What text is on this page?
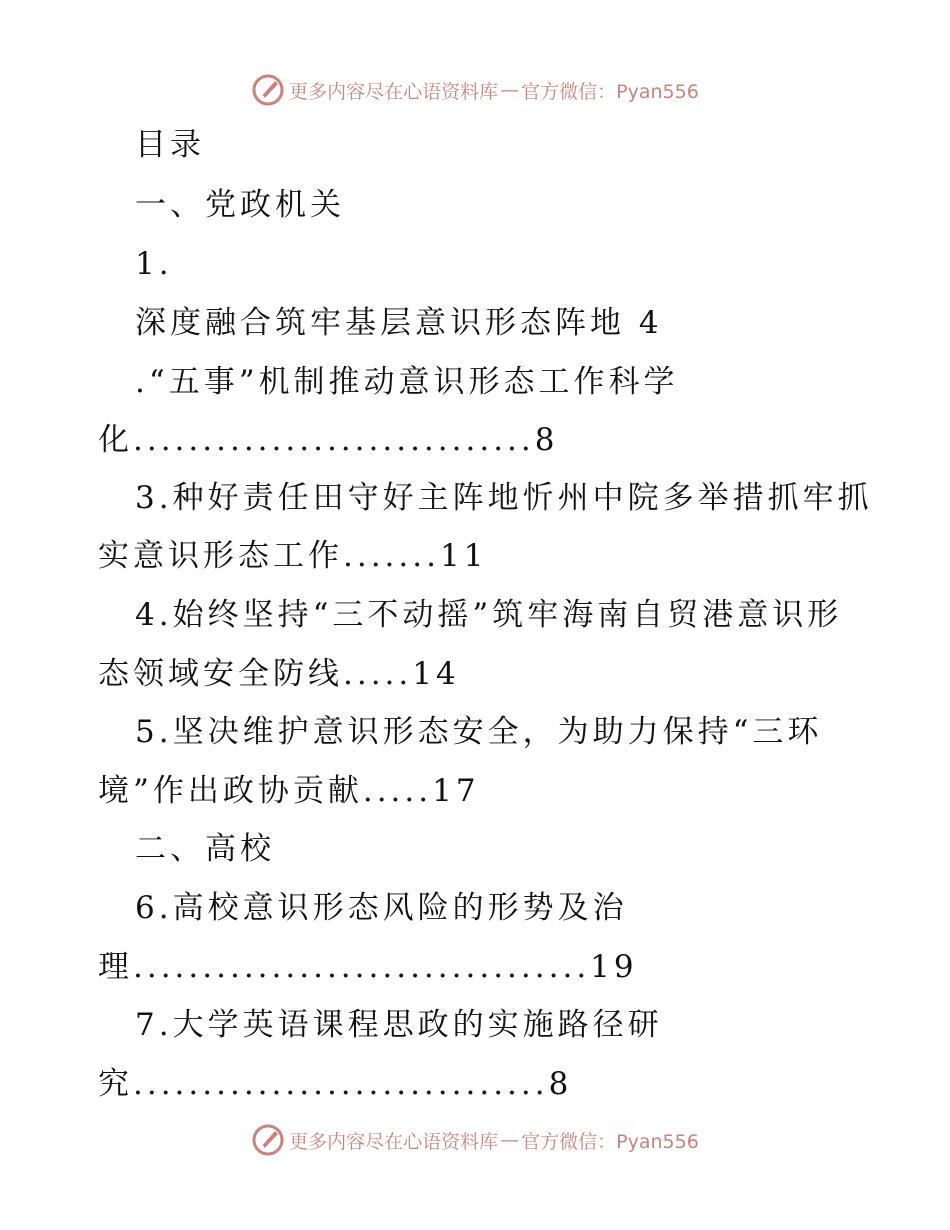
更多内容尽在心语资料库 — 官方微信：Pyan556
目录
一、党政机关
1.
深度融合筑牢基层意识形态阵地 4
.“五事”机制推动意识形态工作科学
化.............................8
3.种好责任田守好主阵地忻州中院多举措抓牢抓
实意识形态工作.......11
4.始终坚持“三不动摇”筑牢海南自贸港意识形
态领域安全防线.....14
5.坚决维护意识形态安全，为助力保持“三环
境”作出政协贡献.....17
二、高校
6.高校意识形态风险的形势及治
理.................................19
7.大学英语课程思政的实施路径研
究..............................8
更多内容尽在心语资料库 — 官方微信：Pyan556
